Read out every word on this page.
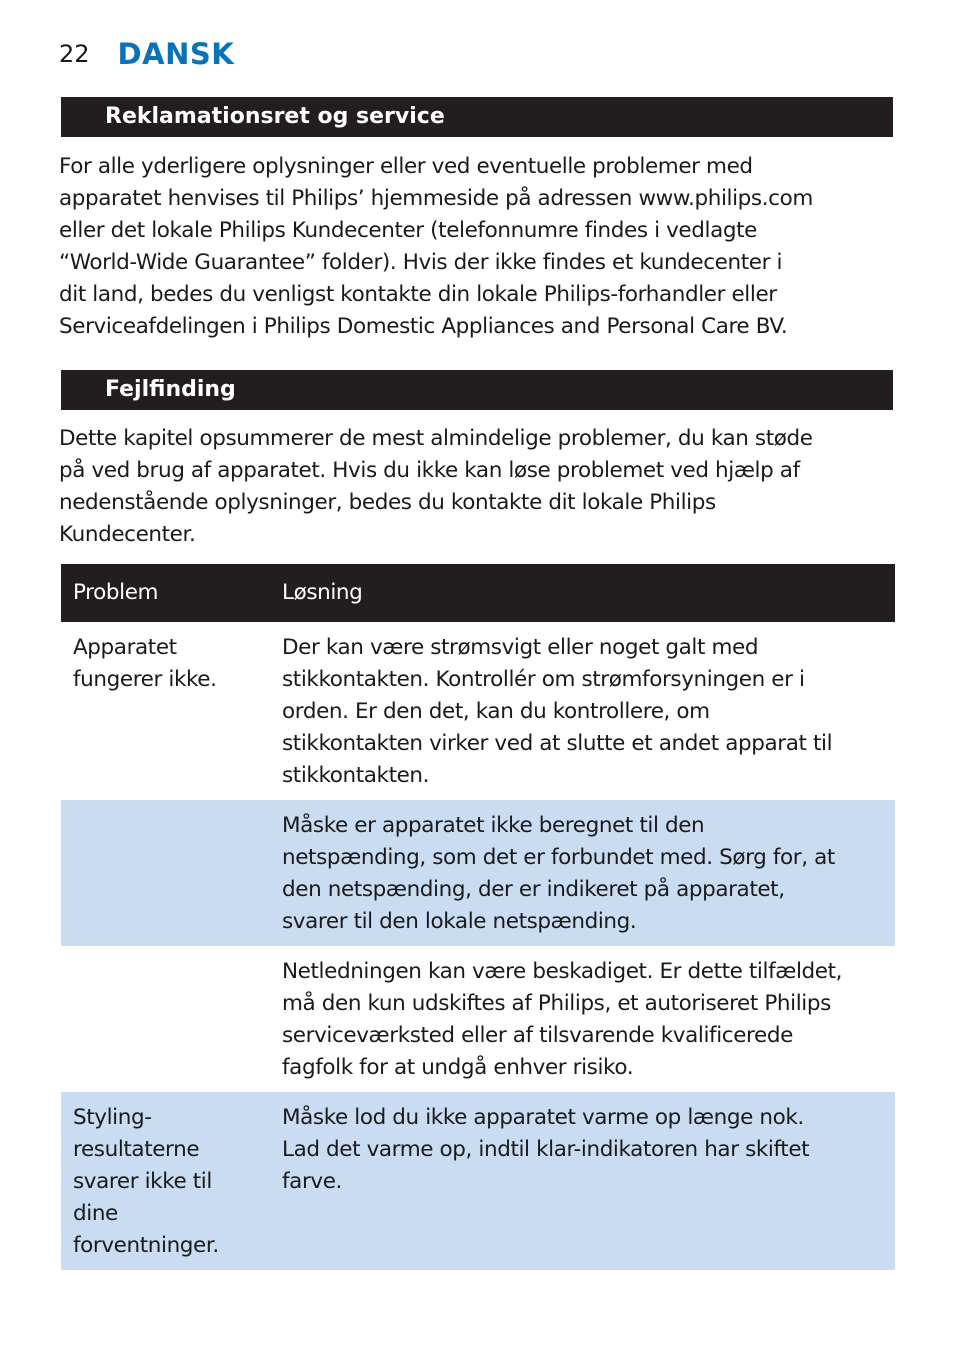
22 DANSK
Reklamationsret og service

For alle yderligere oplysninger eller ved eventuelle problemer med
apparatet henvises til Philips’ hjemmeside på adressen www.philips.com
eller det lokale Philips Kundecenter (telefonnumre findes i vedlagte
“World-Wide Guarantee” folder). Hvis der ikke findes et kundecenter i
dit land, bedes du venligst kontakte din lokale Philips-forhandler eller
Serviceafdelingen i Philips Domestic Appliances and Personal Care BV.

Fejlfinding

Dette kapitel opsummerer de mest almindelige problemer, du kan støde
på ved brug af apparatet. Hvis du ikke kan løse problemet ved hjælp af
nedenstående oplysninger, bedes du kontakte dit lokale Philips
Kundecenter.

Problem	Løsning

Apparatet
fungerer ikke.	Der kan være strømsvigt eller noget galt med
stikkontakten. Kontrollér om strømforsyningen er i
orden. Er den det, kan du kontrollere, om
stikkontakten virker ved at slutte et andet apparat til
stikkontakten.

	Måske er apparatet ikke beregnet til den
netspænding, som det er forbundet med. Sørg for, at
den netspænding, der er indikeret på apparatet,
svarer til den lokale netspænding.

	Netledningen kan være beskadiget. Er dette tilfældet,
må den kun udskiftes af Philips, et autoriseret Philips
serviceværksted eller af tilsvarende kvalificerede
fagfolk for at undgå enhver risiko.

Styling-
resultaterne
svarer ikke til
dine
forventninger.	Måske lod du ikke apparatet varme op længe nok.
Lad det varme op, indtil klar-indikatoren har skiftet
farve.
